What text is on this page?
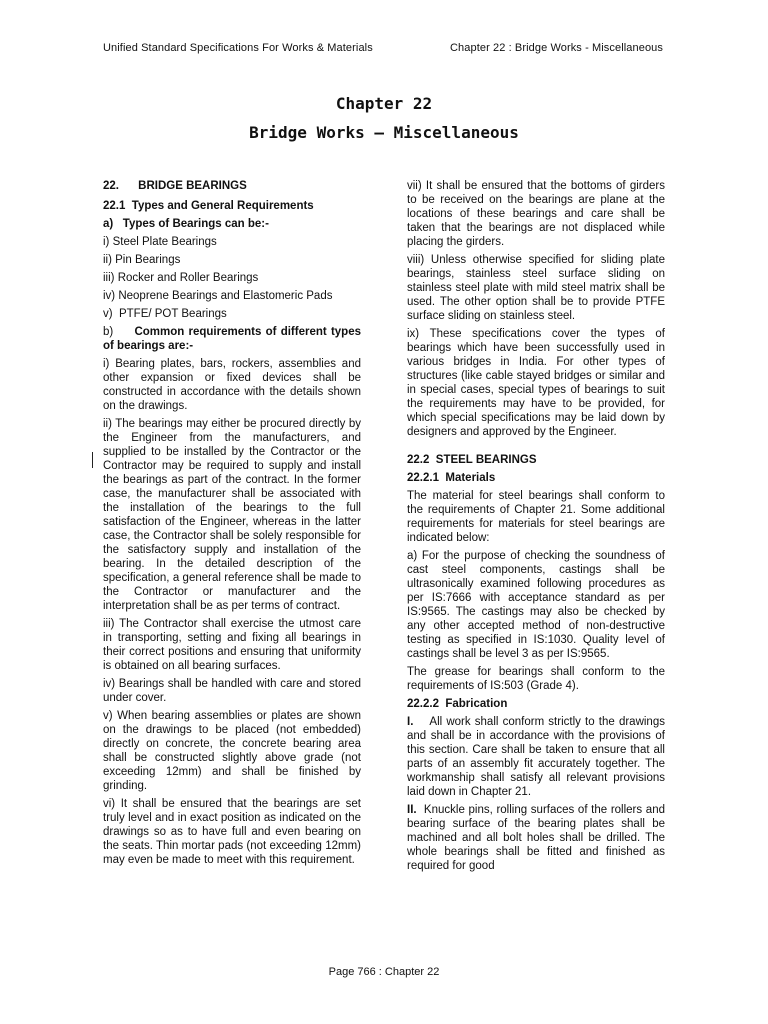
Unified Standard Specifications For Works & Materials	Chapter 22 : Bridge Works - Miscellaneous
Chapter 22
Bridge Works – Miscellaneous
22.      BRIDGE BEARINGS
22.1  Types and General Requirements
a)   Types of Bearings can be:-
i) Steel Plate Bearings
ii) Pin Bearings
iii) Rocker and Roller Bearings
iv) Neoprene Bearings and Elastomeric Pads
v)  PTFE/ POT Bearings

b) Common requirements of different types of bearings are:-

i) Bearing plates, bars, rockers, assemblies and other expansion or fixed devices shall be constructed in accordance with the details shown on the drawings.

ii) The bearings may either be procured directly by the Engineer from the manufacturers, and supplied to be installed by the Contractor or the Contractor may be required to supply and install the bearings as part of the contract. In the former case, the manufacturer shall be associated with the installation of the bearings to the full satisfaction of the Engineer, whereas in the latter case, the Contractor shall be solely responsible for the satisfactory supply and installation of the bearing. In the detailed description of the specification, a general reference shall be made to the Contractor or manufacturer and the interpretation shall be as per terms of contract.

iii) The Contractor shall exercise the utmost care in transporting, setting and fixing all bearings in their correct positions and ensuring that uniformity is obtained on all bearing surfaces.

iv) Bearings shall be handled with care and stored under cover.

v) When bearing assemblies or plates are shown on the drawings to be placed (not embedded) directly on concrete, the concrete bearing area shall be constructed slightly above grade (not exceeding 12mm) and shall be finished by grinding.

vi) It shall be ensured that the bearings are set truly level and in exact position as indicated on the drawings so as to have full and even bearing on the seats. Thin mortar pads (not exceeding 12mm) may even be made to meet with this requirement.

vii) It shall be ensured that the bottoms of girders to be received on the bearings are plane at the locations of these bearings and care shall be taken that the bearings are not displaced while placing the girders.

viii) Unless otherwise specified for sliding plate bearings, stainless steel surface sliding on stainless steel plate with mild steel matrix shall be used. The other option shall be to provide PTFE surface sliding on stainless steel.

ix) These specifications cover the types of bearings which have been successfully used in various bridges in India. For other types of structures (like cable stayed bridges or similar and in special cases, special types of bearings to suit the requirements may have to be provided, for which special specifications may be laid down by designers and approved by the Engineer.

22.2  STEEL BEARINGS
22.2.1  Materials

The material for steel bearings shall conform to the requirements of Chapter 21. Some additional requirements for materials for steel bearings are indicated below:

a) For the purpose of checking the soundness of cast steel components, castings shall be ultrasonically examined following procedures as per IS:7666 with acceptance standard as per IS:9565. The castings may also be checked by any other accepted method of non-destructive testing as specified in IS:1030. Quality level of castings shall be level 3 as per IS:9565.

The grease for bearings shall conform to the requirements of IS:503 (Grade 4).

22.2.2  Fabrication

I. All work shall conform strictly to the drawings and shall be in accordance with the provisions of this section. Care shall be taken to ensure that all parts of an assembly fit accurately together. The workmanship shall satisfy all relevant provisions laid down in Chapter 21.

II. Knuckle pins, rolling surfaces of the rollers and bearing surface of the bearing plates shall be machined and all bolt holes shall be drilled. The whole bearings shall be fitted and finished as required for good

Page 766 : Chapter 22
